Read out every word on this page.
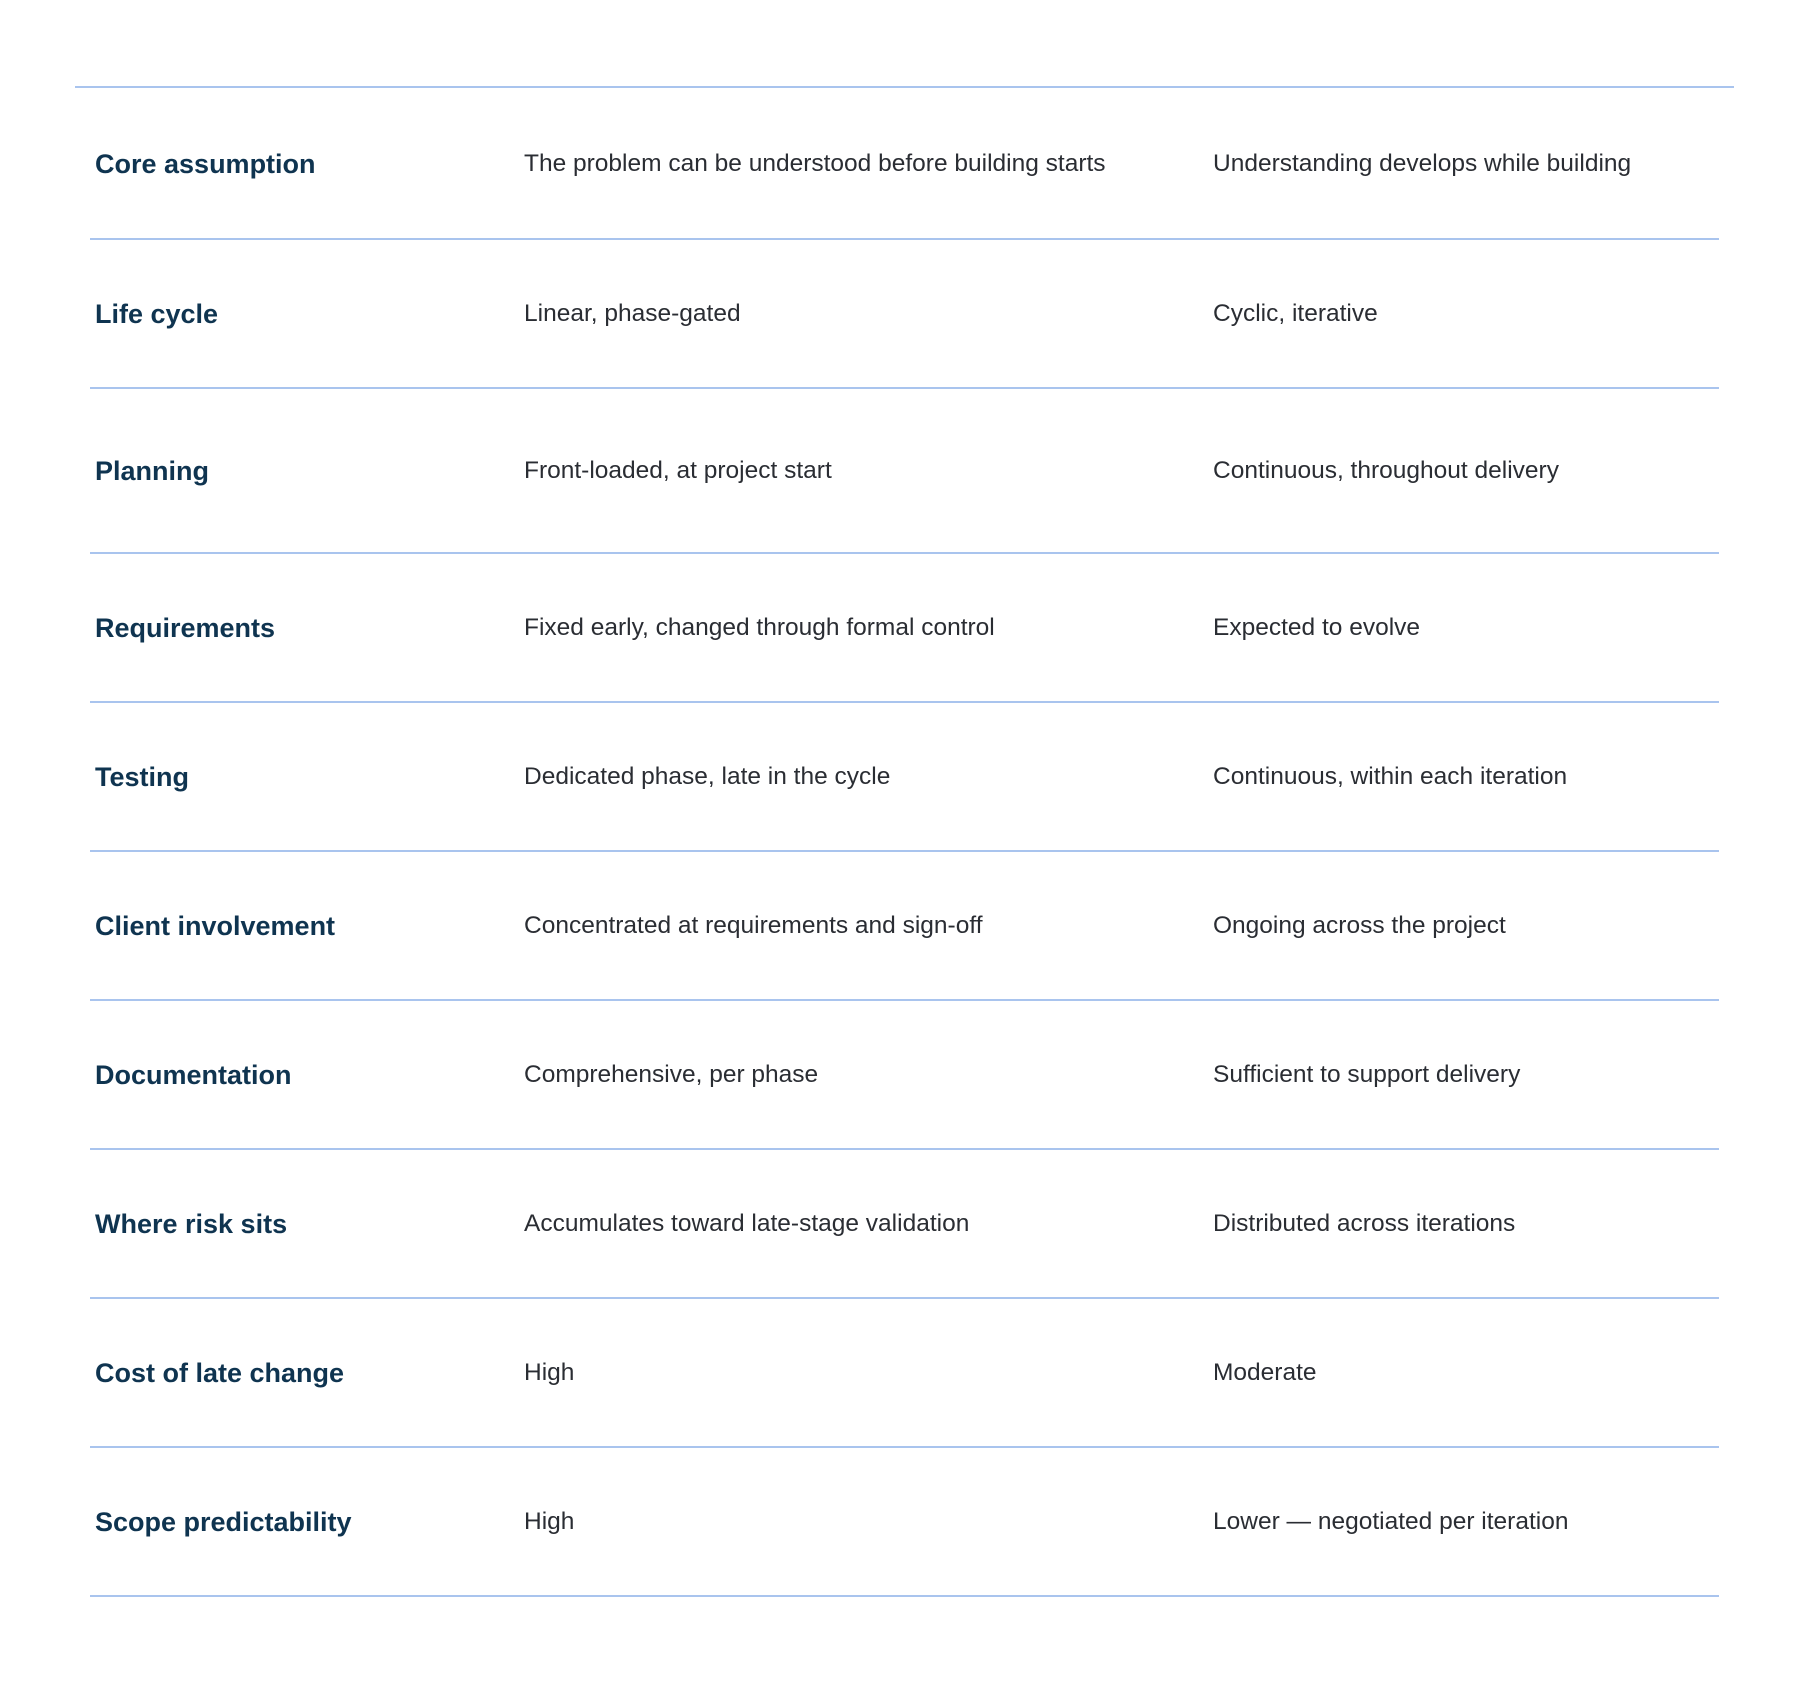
Core assumption	The problem can be understood before building starts	Understanding develops while building
Life cycle	Linear, phase-gated	Cyclic, iterative
Planning	Front-loaded, at project start	Continuous, throughout delivery
Requirements	Fixed early, changed through formal control	Expected to evolve
Testing	Dedicated phase, late in the cycle	Continuous, within each iteration
Client involvement	Concentrated at requirements and sign-off	Ongoing across the project
Documentation	Comprehensive, per phase	Sufficient to support delivery
Where risk sits	Accumulates toward late-stage validation	Distributed across iterations
Cost of late change	High	Moderate
Scope predictability	High	Lower — negotiated per iteration
